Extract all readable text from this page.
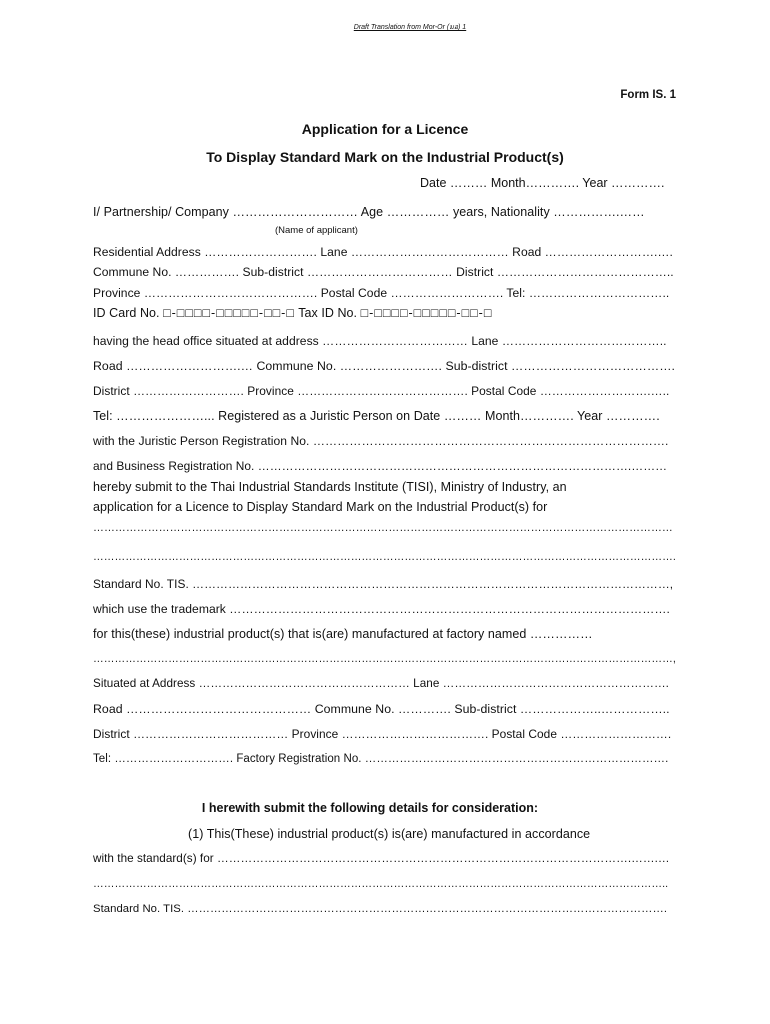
Draft Translation from Mor-Or (มอ) 1
Form IS. 1
Application for a Licence
To Display Standard Mark on the Industrial Product(s)
Date ……… Month…………. Year ………….
I/ Partnership/ Company ………………………… Age …………… years, Nationality …………….……
(Name of applicant)
Residential Address ………………………. Lane ………………………………… Road ……………………….….
Commune No. ……………. Sub-district ……………………………… District ……………………………………..
Province ……………………………………. Postal Code ………………………. Tel: ……………………………..
ID Card No. □-□□□□-□□□□□-□□-□ Tax ID No. □-□□□□-□□□□□-□□-□
having the head office situated at address ……………………………… Lane …………………………………..
Road ……………………….… Commune No. ……………………. Sub-district ………………………………….
District ………………………. Province ……………………………………. Postal Code ……………………….…..
Tel: …………………... Registered as a Juristic Person on Date ……… Month…………. Year ………….
with the Juristic Person Registration No. …………………………………………………………………………….
and Business Registration No. ………………………………………………………………………………….………
hereby submit to the Thai Industrial Standards Institute (TISI), Ministry of Industry, an
application for a Licence to Display Standard Mark on the Industrial Product(s) for
……………………………………………………………………………………………………………………………………………
……………………………………………………………………………………………………………………………………………….
Standard No. TIS. …………………………………………………………………………………………………………,
which use the trademark ……………………………………………………………………………………………….
for this(these) industrial product(s) that is(are) manufactured at factory named ……………
………………………………………………………………………………………………………………………………………………,
Situated at Address ……………………………………………… Lane ………………………………………………….
Road ……………………………………… Commune No. …………. Sub-district ………………..……………..
District ………………………………… Province ………………………………. Postal Code ……………………….
Tel: …………………………. Factory Registration No. …………………………………………………………………….
I herewith submit the following details for consideration:
(1) This(These) industrial product(s) is(are) manufactured in accordance
with the standard(s) for …………………………………………………………………………………………….…….…
……………………………………………………………………………………………………………………………………………..
Standard No. TIS. ……………………………………………………………………………………………………………….
